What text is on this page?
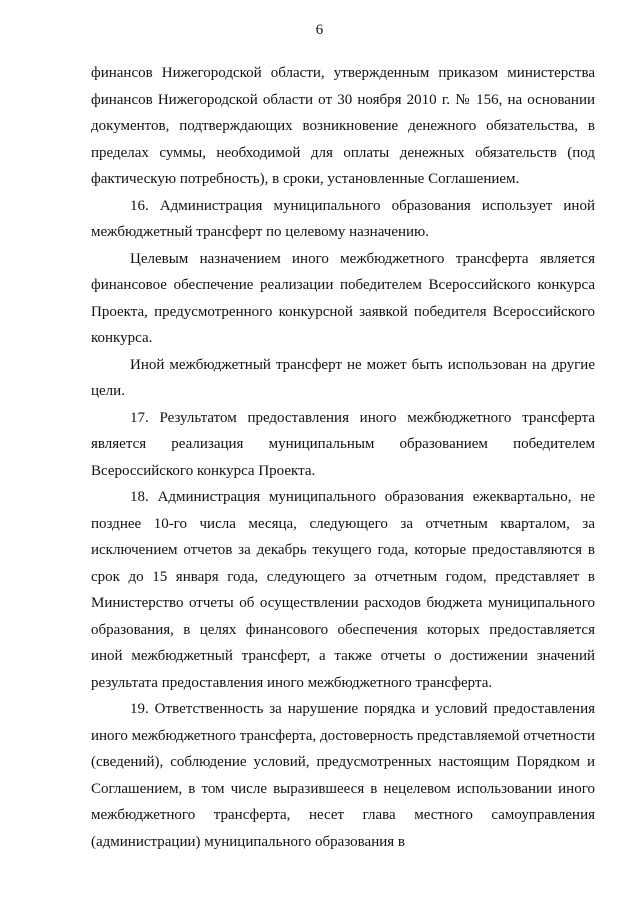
6

финансов Нижегородской области, утвержденным приказом министерства финансов Нижегородской области от 30 ноября 2010 г. № 156, на основании документов, подтверждающих возникновение денежного обязательства, в пределах суммы, необходимой для оплаты денежных обязательств (под фактическую потребность), в сроки, установленные Соглашением.

16. Администрация муниципального образования использует иной межбюджетный трансферт по целевому назначению.

Целевым назначением иного межбюджетного трансферта является финансовое обеспечение реализации победителем Всероссийского конкурса Проекта, предусмотренного конкурсной заявкой победителя Всероссийского конкурса.

Иной межбюджетный трансферт не может быть использован на другие цели.

17. Результатом предоставления иного межбюджетного трансферта является реализация муниципальным образованием победителем Всероссийского конкурса Проекта.

18. Администрация муниципального образования ежеквартально, не позднее 10-го числа месяца, следующего за отчетным кварталом, за исключением отчетов за декабрь текущего года, которые предоставляются в срок до 15 января года, следующего за отчетным годом, представляет в Министерство отчеты об осуществлении расходов бюджета муниципального образования, в целях финансового обеспечения которых предоставляется иной межбюджетный трансферт, а также отчеты о достижении значений результата предоставления иного межбюджетного трансферта.

19. Ответственность за нарушение порядка и условий предоставления иного межбюджетного трансферта, достоверность представляемой отчетности (сведений), соблюдение условий, предусмотренных настоящим Порядком и Соглашением, в том числе выразившееся в нецелевом использовании иного межбюджетного трансферта, несет глава местного самоуправления (администрации) муниципального образования в
